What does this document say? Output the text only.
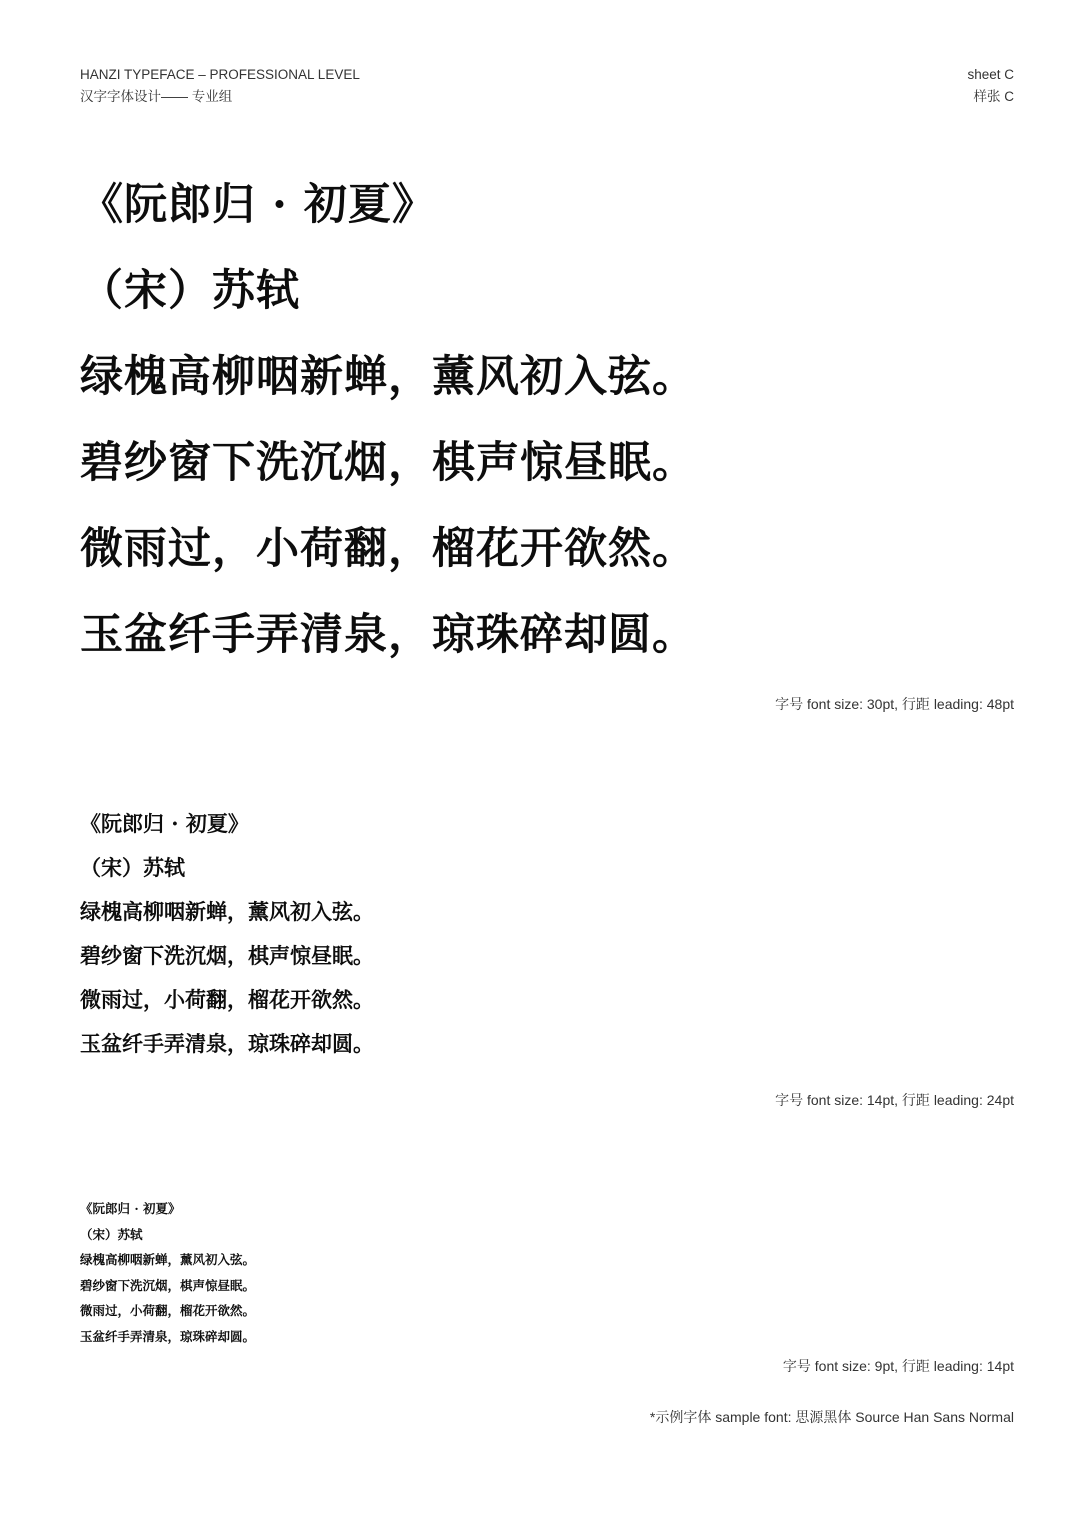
HANZI TYPEFACE – PROFESSIONAL LEVEL
汉字字体设计—— 专业组
sheet C
样张 C
《阮郎归 · 初夏》
（宋）苏轼
绿槐高柳咽新蝉，薰风初入弦。
碧纱窗下洗沉烟，棋声惊昼眠。
微雨过，小荷翻，榴花开欲然。
玉盆纤手弄清泉，琼珠碎却圆。
字号 font size: 30pt, 行距 leading: 48pt
《阮郎归 · 初夏》
（宋）苏轼
绿槐高柳咽新蝉，薰风初入弦。
碧纱窗下洗沉烟，棋声惊昼眠。
微雨过，小荷翻，榴花开欲然。
玉盆纤手弄清泉，琼珠碎却圆。
字号 font size: 14pt, 行距 leading: 24pt
《阮郎归 · 初夏》
（宋）苏轼
绿槐高柳咽新蝉，薰风初入弦。
碧纱窗下洗沉烟，棋声惊昼眠。
微雨过，小荷翻，榴花开欲然。
玉盆纤手弄清泉，琼珠碎却圆。
字号 font size: 9pt, 行距 leading: 14pt
*示例字体 sample font: 思源黑体 Source Han Sans Normal
